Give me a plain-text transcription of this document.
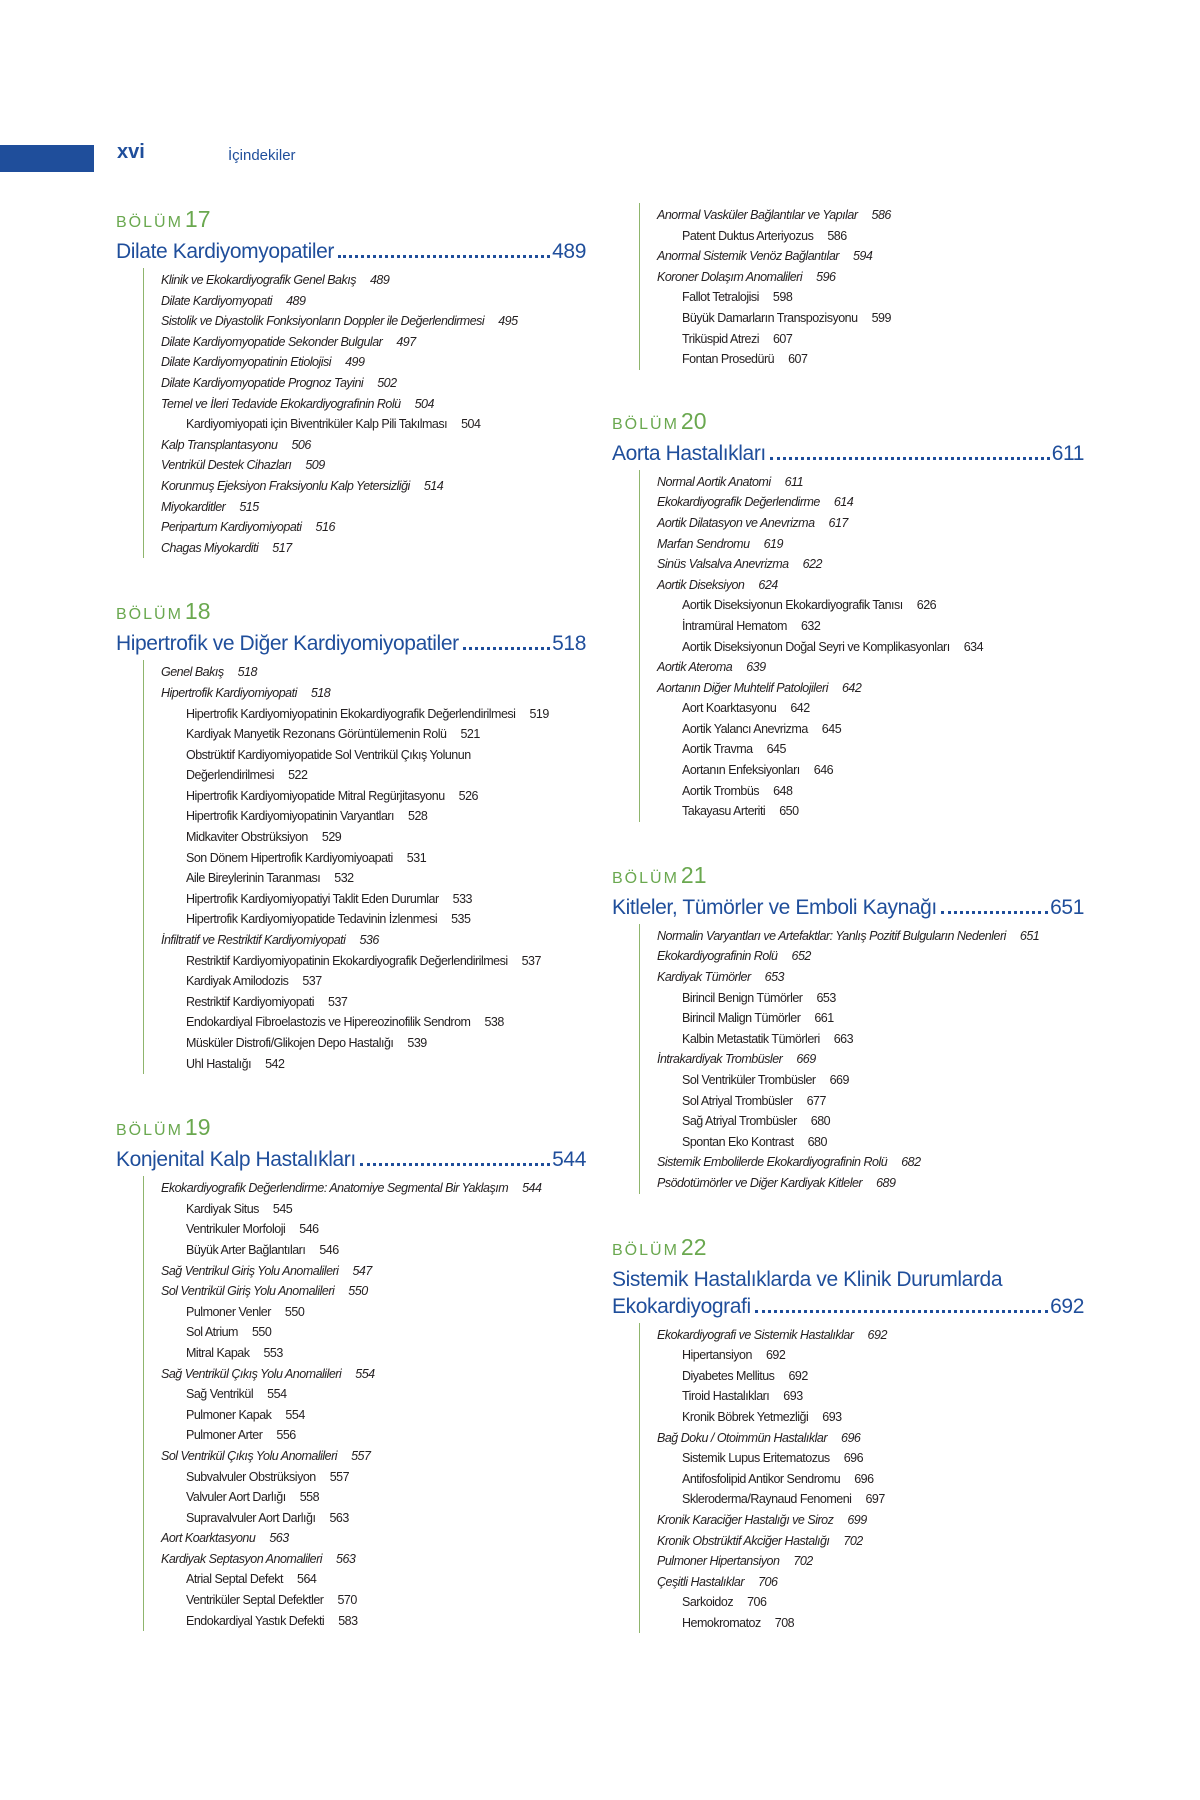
xvi	İçindekiler
BÖLÜM17
Dilate Kardiyomyopatiler	489
Klinik ve Ekokardiyografik Genel Bakış 489
Dilate Kardiyomyopati 489
Sistolik ve Diyastolik Fonksiyonların Doppler ile Değerlendirmesi 495
Dilate Kardiyomyopatide Sekonder Bulgular 497
Dilate Kardiyomyopatinin Etiolojisi 499
Dilate Kardiyomyopatide Prognoz Tayini 502
Temel ve İleri Tedavide Ekokardiyografinin Rolü 504
Kardiyomiyopati için Biventriküler Kalp Pili Takılması 504
Kalp Transplantasyonu 506
Ventrikül Destek Cihazları 509
Korunmuş Ejeksiyon Fraksiyonlu Kalp Yetersizliği 514
Miyokarditler 515
Peripartum Kardiyomiyopati 516
Chagas Miyokarditi 517
BÖLÜM18
Hipertrofik ve Diğer Kardiyomiyopatiler	518
Genel Bakış 518
Hipertrofik Kardiyomiyopati 518
Hipertrofik Kardiyomiyopatinin Ekokardiyografik Değerlendirilmesi 519
Kardiyak Manyetik Rezonans Görüntülemenin Rolü 521
Obstrüktif Kardiyomiyopatide Sol Ventrikül Çıkış Yolunun
Değerlendirilmesi 522
Hipertrofik Kardiyomiyopatide Mitral Regürjitasyonu 526
Hipertrofik Kardiyomiyopatinin Varyantları 528
Midkaviter Obstrüksiyon 529
Son Dönem Hipertrofik Kardiyomiyoapati 531
Aile Bireylerinin Taranması 532
Hipertrofik Kardiyomiyopatiyi Taklit Eden Durumlar 533
Hipertrofik Kardiyomiyopatide Tedavinin İzlenmesi 535
İnfiltratif ve Restriktif Kardiyomiyopati 536
Restriktif Kardiyomiyopatinin Ekokardiyografik Değerlendirilmesi 537
Kardiyak Amilodozis 537
Restriktif Kardiyomiyopati 537
Endokardiyal Fibroelastozis ve Hipereozinofilik Sendrom 538
Müsküler Distrofi/Glikojen Depo Hastalığı 539
Uhl Hastalığı 542
BÖLÜM19
Konjenital Kalp Hastalıkları	544
Ekokardiyografik Değerlendirme: Anatomiye Segmental Bir Yaklaşım 544
Kardiyak Situs 545
Ventrikuler Morfoloji 546
Büyük Arter Bağlantıları 546
Sağ Ventrikul Giriş Yolu Anomalileri 547
Sol Ventrikül Giriş Yolu Anomalileri 550
Pulmoner Venler 550
Sol Atrium 550
Mitral Kapak 553
Sağ Ventrikül Çıkış Yolu Anomalileri 554
Sağ Ventrikül 554
Pulmoner Kapak 554
Pulmoner Arter 556
Sol Ventrikül Çıkış Yolu Anomalileri 557
Subvalvuler Obstrüksiyon 557
Valvuler Aort Darlığı 558
Supravalvuler Aort Darlığı 563
Aort Koarktasyonu 563
Kardiyak Septasyon Anomalileri 563
Atrial Septal Defekt 564
Ventriküler Septal Defektler 570
Endokardiyal Yastık Defekti 583
Anormal Vasküler Bağlantılar ve Yapılar 586
Patent Duktus Arteriyozus 586
Anormal Sistemik Venöz Bağlantılar 594
Koroner Dolaşım Anomalileri 596
Fallot Tetralojisi 598
Büyük Damarların Transpozisyonu 599
Triküspid Atrezi 607
Fontan Prosedürü 607
BÖLÜM20
Aorta Hastalıkları	611
Normal Aortik Anatomi 611
Ekokardiyografik Değerlendirme 614
Aortik Dilatasyon ve Anevrizma 617
Marfan Sendromu 619
Sinüs Valsalva Anevrizma 622
Aortik Diseksiyon 624
Aortik Diseksiyonun Ekokardiyografik Tanısı 626
İntramüral Hematom 632
Aortik Diseksiyonun Doğal Seyri ve Komplikasyonları 634
Aortik Ateroma 639
Aortanın Diğer Muhtelif Patolojileri 642
Aort Koarktasyonu 642
Aortik Yalancı Anevrizma 645
Aortik Travma 645
Aortanın Enfeksiyonları 646
Aortik Trombüs 648
Takayasu Arteriti 650
BÖLÜM21
Kitleler, Tümörler ve Emboli Kaynağı	651
Normalin Varyantları ve Artefaktlar: Yanlış Pozitif Bulguların Nedenleri 651
Ekokardiyografinin Rolü 652
Kardiyak Tümörler 653
Birincil Benign Tümörler 653
Birincil Malign Tümörler 661
Kalbin Metastatik Tümörleri 663
İntrakardiyak Trombüsler 669
Sol Ventriküler Trombüsler 669
Sol Atriyal Trombüsler 677
Sağ Atriyal Trombüsler 680
Spontan Eko Kontrast 680
Sistemik Embolilerde Ekokardiyografinin Rolü 682
Psödotümörler ve Diğer Kardiyak Kitleler 689
BÖLÜM22
Sistemik Hastalıklarda ve Klinik Durumlarda
Ekokardiyografi	692
Ekokardiyografi ve Sistemik Hastalıklar 692
Hipertansiyon 692
Diyabetes Mellitus 692
Tiroid Hastalıkları 693
Kronik Böbrek Yetmezliği 693
Bağ Doku / Otoimmün Hastalıklar 696
Sistemik Lupus Eritematozus 696
Antifosfolipid Antikor Sendromu 696
Skleroderma/Raynaud Fenomeni 697
Kronik Karaciğer Hastalığı ve Siroz 699
Kronik Obstrüktif Akciğer Hastalığı 702
Pulmoner Hipertansiyon 702
Çeşitli Hastalıklar 706
Sarkoidoz 706
Hemokromatoz 708
